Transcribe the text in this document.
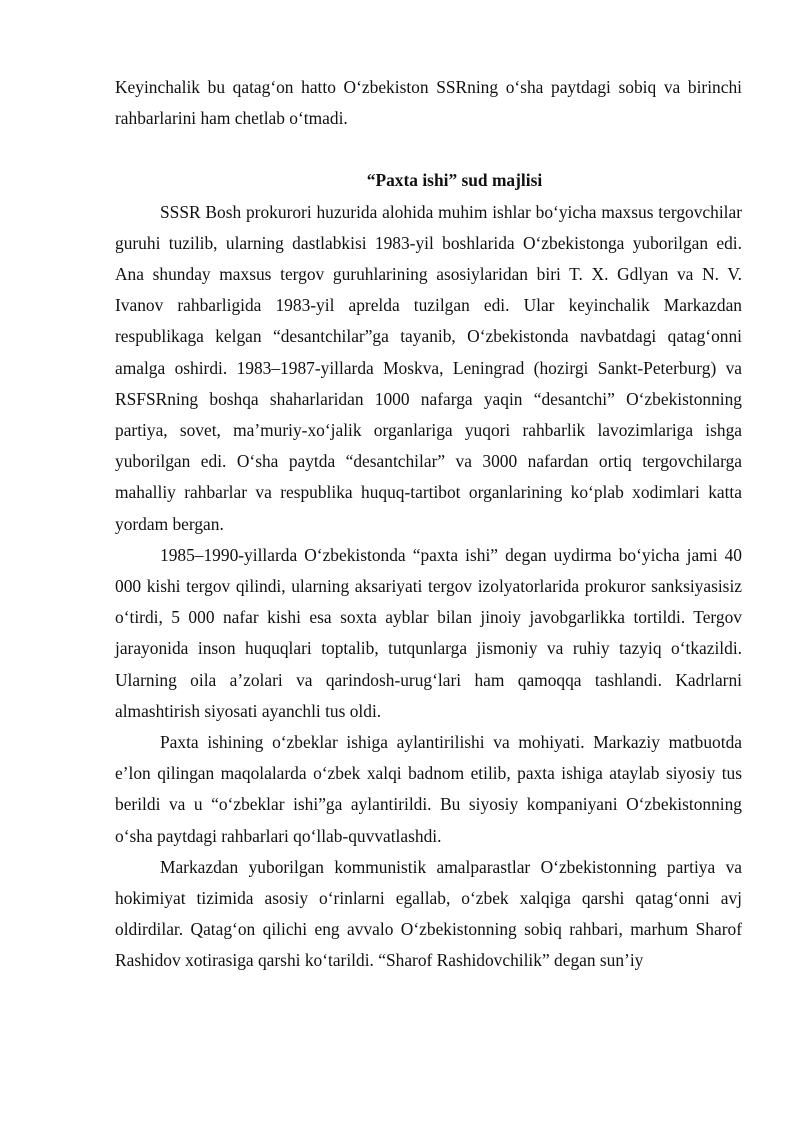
Keyinchalik bu qatag‘on hatto O‘zbekiston SSRning o‘sha paytdagi sobiq va birinchi rahbarlarini ham chetlab o‘tmadi.

“Paxta ishi” sud majlisi

SSSR Bosh prokurori huzurida alohida muhim ishlar bo‘yicha maxsus tergovchilar guruhi tuzilib, ularning dastlabkisi 1983-yil boshlarida O‘zbekistonga yuborilgan edi. Ana shunday maxsus tergov guruhlarining asosiylaridan biri T. X. Gdlyan va N. V. Ivanov rahbarligida 1983-yil aprelda tuzilgan edi. Ular keyinchalik Markazdan respublikaga kelgan “desantchilar”ga tayanib, O‘zbekistonda navbatdagi qatag‘onni amalga oshirdi. 1983–1987-yillarda Moskva, Leningrad (hozirgi Sankt-Peterburg) va RSFSRning boshqa shaharlaridan 1000 nafarga yaqin “desantchi” O‘zbekistonning partiya, sovet, ma’muriy-xo‘jalik organlariga yuqori rahbarlik lavozimlariga ishga yuborilgan edi. O‘sha paytda “desantchilar” va 3000 nafardan ortiq tergovchilarga mahalliy rahbarlar va respublika huquq-tartibot organlarining ko‘plab xodimlari katta yordam bergan.

1985–1990-yillarda O‘zbekistonda “paxta ishi” degan uydirma bo‘yicha jami 40 000 kishi tergov qilindi, ularning aksariyati tergov izolyatorlarida prokuror sanksiyasisiz o‘tirdi, 5 000 nafar kishi esa soxta ayblar bilan jinoiy javobgarlikka tortildi. Tergov jarayonida inson huquqlari toptalib, tutqunlarga jismoniy va ruhiy tazyiq o‘tkazildi. Ularning oila a’zolari va qarindosh-urug‘lari ham qamoqqa tashlandi. Kadrlarni almashtirish siyosati ayanchli tus oldi.

Paxta ishining o‘zbeklar ishiga aylantirilishi va mohiyati. Markaziy matbuotda e’lon qilingan maqolalarda o‘zbek xalqi badnom etilib, paxta ishiga ataylab siyosiy tus berildi va u “o‘zbeklar ishi”ga aylantirildi. Bu siyosiy kompaniyani O‘zbekistonning o‘sha paytdagi rahbarlari qo‘llab-quvvatlashdi.

Markazdan yuborilgan kommunistik amalparastlar O‘zbekistonning partiya va hokimiyat tizimida asosiy o‘rinlarni egallab, o‘zbek xalqiga qarshi qatag‘onni avj oldirdilar. Qatag‘on qilichi eng avvalo O‘zbekistonning sobiq rahbari, marhum Sharof Rashidov xotirasiga qarshi ko‘tarildi. “Sharof Rashidovchilik” degan sun’iy
